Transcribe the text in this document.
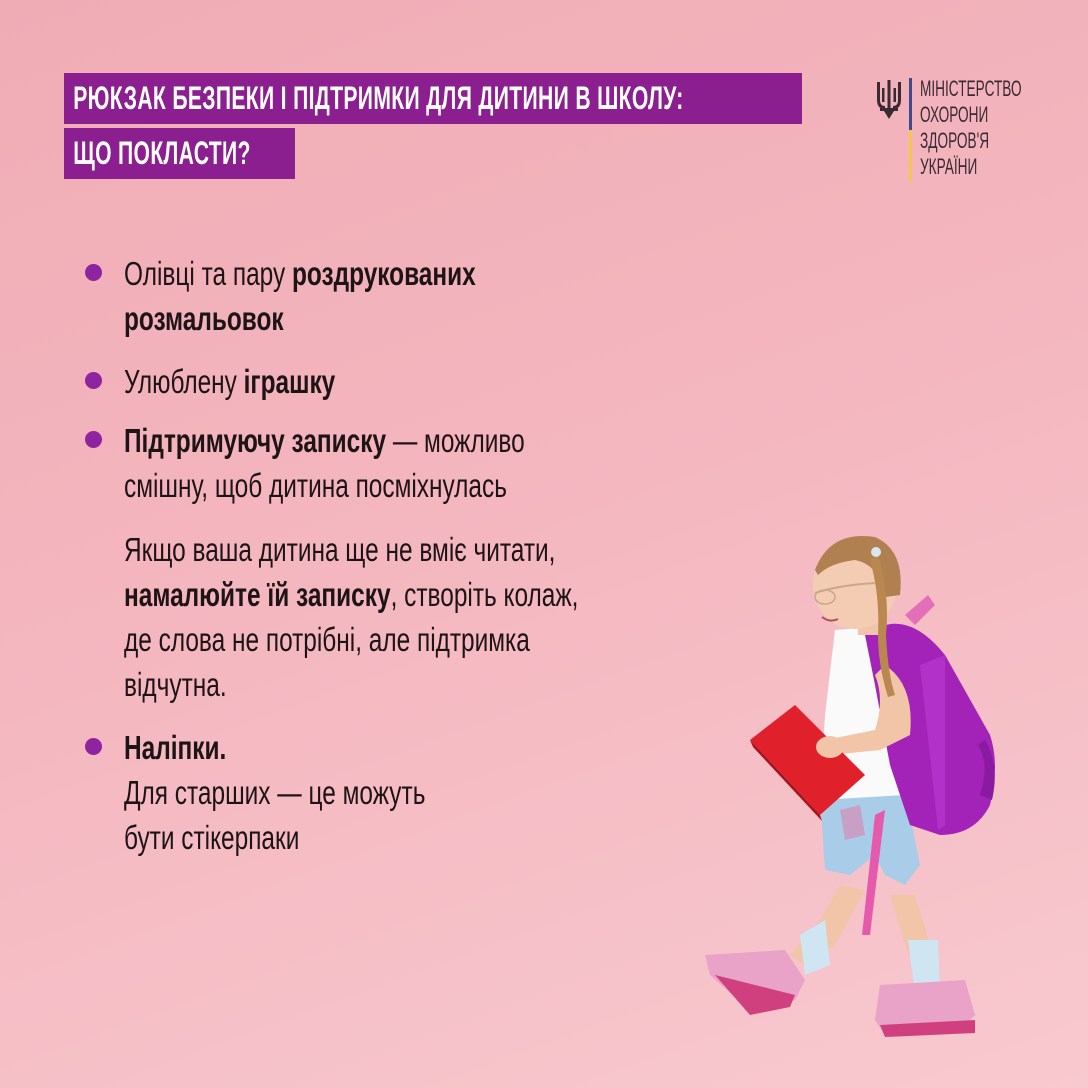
РЮКЗАК БЕЗПЕКИ І ПІДТРИМКИ ДЛЯ ДИТИНИ В ШКОЛУ:
ЩО ПОКЛАСТИ?
МІНІСТЕРСТВО
ОХОРОНИ
ЗДОРОВ'Я
УКРАЇНИ
Олівці та пару роздрукованих
розмальовок
Улюблену іграшку
Підтримуючу записку — можливо
смішну, щоб дитина посміхнулась
Якщо ваша дитина ще не вміє читати,
намалюйте їй записку, створіть колаж,
де слова не потрібні, але підтримка
відчутна.
Наліпки.
Для старших — це можуть
бути стікерпаки
